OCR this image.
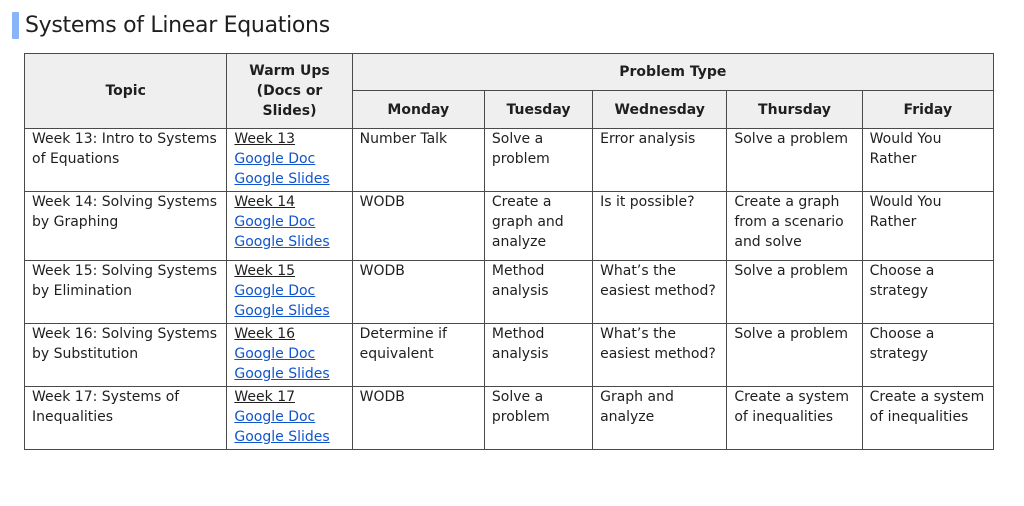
Systems of Linear Equations
Topic	Warm Ups (Docs or Slides)	Problem Type				
		Monday	Tuesday	Wednesday	Thursday	Friday
Week 13: Intro to Systems of Equations	Week 13
Google Doc
Google Slides	Number Talk	Solve a problem	Error analysis	Solve a problem	Would You Rather
Week 14: Solving Systems by Graphing	Week 14
Google Doc
Google Slides	WODB	Create a graph and analyze	Is it possible?	Create a graph from a scenario and solve	Would You Rather
Week 15: Solving Systems by Elimination	Week 15
Google Doc
Google Slides	WODB	Method analysis	What’s the easiest method?	Solve a problem	Choose a strategy
Week 16: Solving Systems by Substitution	Week 16
Google Doc
Google Slides	Determine if equivalent	Method analysis	What’s the easiest method?	Solve a problem	Choose a strategy
Week 17: Systems of Inequalities	Week 17
Google Doc
Google Slides	WODB	Solve a problem	Graph and analyze	Create a system of inequalities	Create a system of inequalities
